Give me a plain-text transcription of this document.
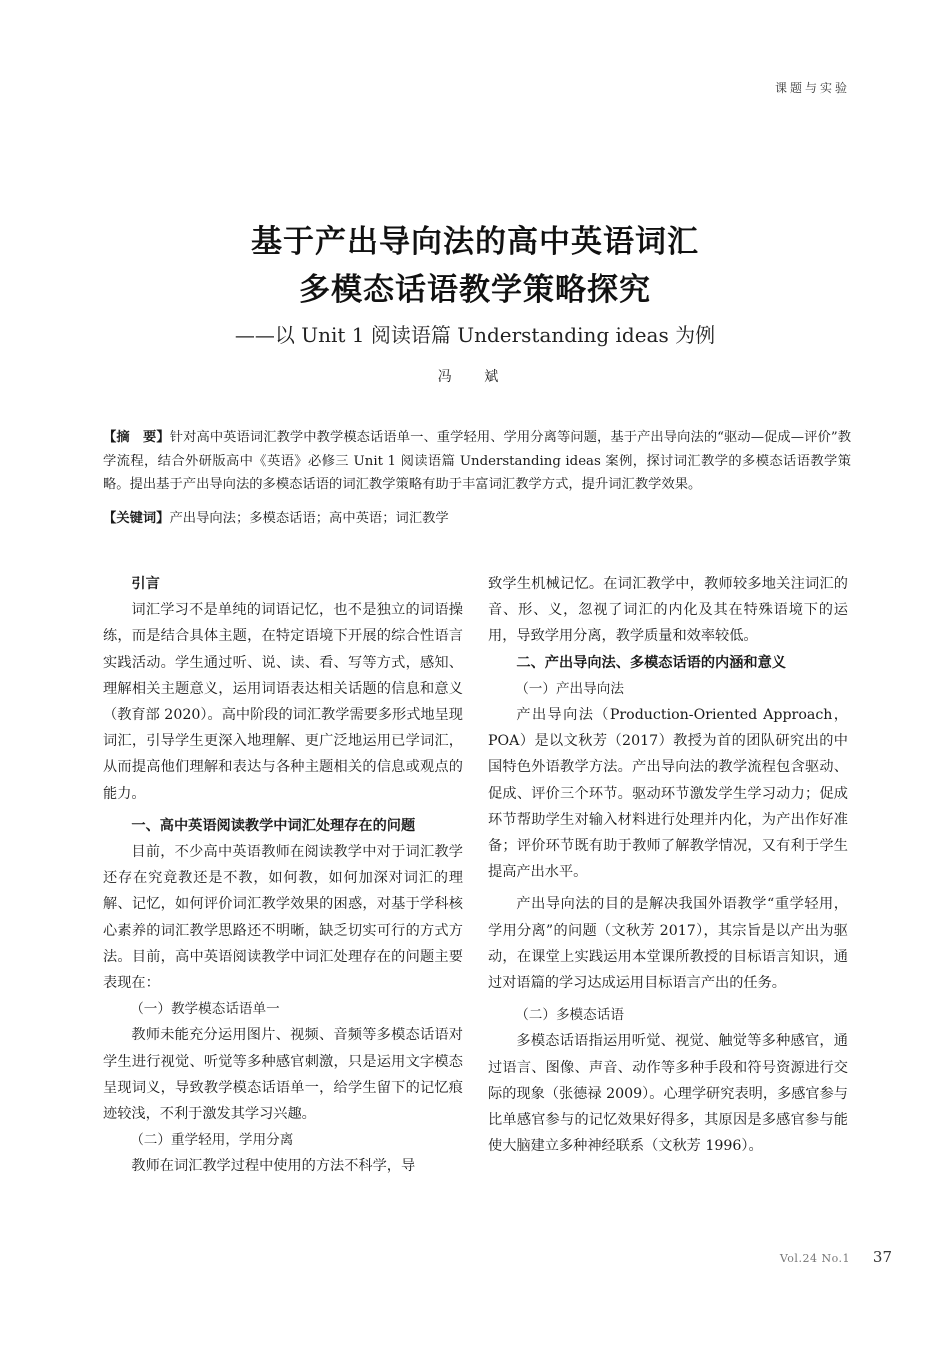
课题与实验
基于产出导向法的高中英语词汇
多模态话语教学策略探究
——以 Unit 1 阅读语篇 Understanding ideas 为例
冯 斌

【摘　要】针对高中英语词汇教学中教学模态话语单一、重学轻用、学用分离等问题，基于产出导向法的“驱动—促成—评价”教学流程，结合外研版高中《英语》必修三 Unit 1 阅读语篇 Understanding ideas 案例，探讨词汇教学的多模态话语教学策略。提出基于产出导向法的多模态话语的词汇教学策略有助于丰富词汇教学方式，提升词汇教学效果。

【关键词】产出导向法；多模态话语；高中英语；词汇教学

引言

词汇学习不是单纯的词语记忆，也不是独立的词语操练，而是结合具体主题，在特定语境下开展的综合性语言实践活动。学生通过听、说、读、看、写等方式，感知、理解相关主题意义，运用词语表达相关话题的信息和意义（教育部 2020）。高中阶段的词汇教学需要多形式地呈现词汇，引导学生更深入地理解、更广泛地运用已学词汇，从而提高他们理解和表达与各种主题相关的信息或观点的能力。

一、高中英语阅读教学中词汇处理存在的问题

目前，不少高中英语教师在阅读教学中对于词汇教学还存在究竟教还是不教，如何教，如何加深对词汇的理解、记忆，如何评价词汇教学效果的困惑，对基于学科核心素养的词汇教学思路还不明晰，缺乏切实可行的方式方法。目前，高中英语阅读教学中词汇处理存在的问题主要表现在：

（一）教学模态话语单一

教师未能充分运用图片、视频、音频等多模态话语对学生进行视觉、听觉等多种感官刺激，只是运用文字模态呈现词义，导致教学模态话语单一，给学生留下的记忆痕迹较浅，不利于激发其学习兴趣。

（二）重学轻用，学用分离

教师在词汇教学过程中使用的方法不科学，导

致学生机械记忆。在词汇教学中，教师较多地关注词汇的音、形、义，忽视了词汇的内化及其在特殊语境下的运用，导致学用分离，教学质量和效率较低。

二、产出导向法、多模态话语的内涵和意义
（一）产出导向法

产出导向法（Production-Oriented Approach，POA）是以文秋芳（2017）教授为首的团队研究出的中国特色外语教学方法。产出导向法的教学流程包含驱动、促成、评价三个环节。驱动环节激发学生学习动力；促成环节帮助学生对输入材料进行处理并内化，为产出作好准备；评价环节既有助于教师了解教学情况，又有利于学生提高产出水平。

产出导向法的目的是解决我国外语教学“重学轻用，学用分离”的问题（文秋芳 2017），其宗旨是以产出为驱动，在课堂上实践运用本堂课所教授的目标语言知识，通过对语篇的学习达成运用目标语言产出的任务。

（二）多模态话语

多模态话语指运用听觉、视觉、触觉等多种感官，通过语言、图像、声音、动作等多种手段和符号资源进行交际的现象（张德禄 2009）。心理学研究表明，多感官参与比单感官参与的记忆效果好得多，其原因是多感官参与能使大脑建立多种神经联系（文秋芳 1996）。

Vol.24 No.1 37
